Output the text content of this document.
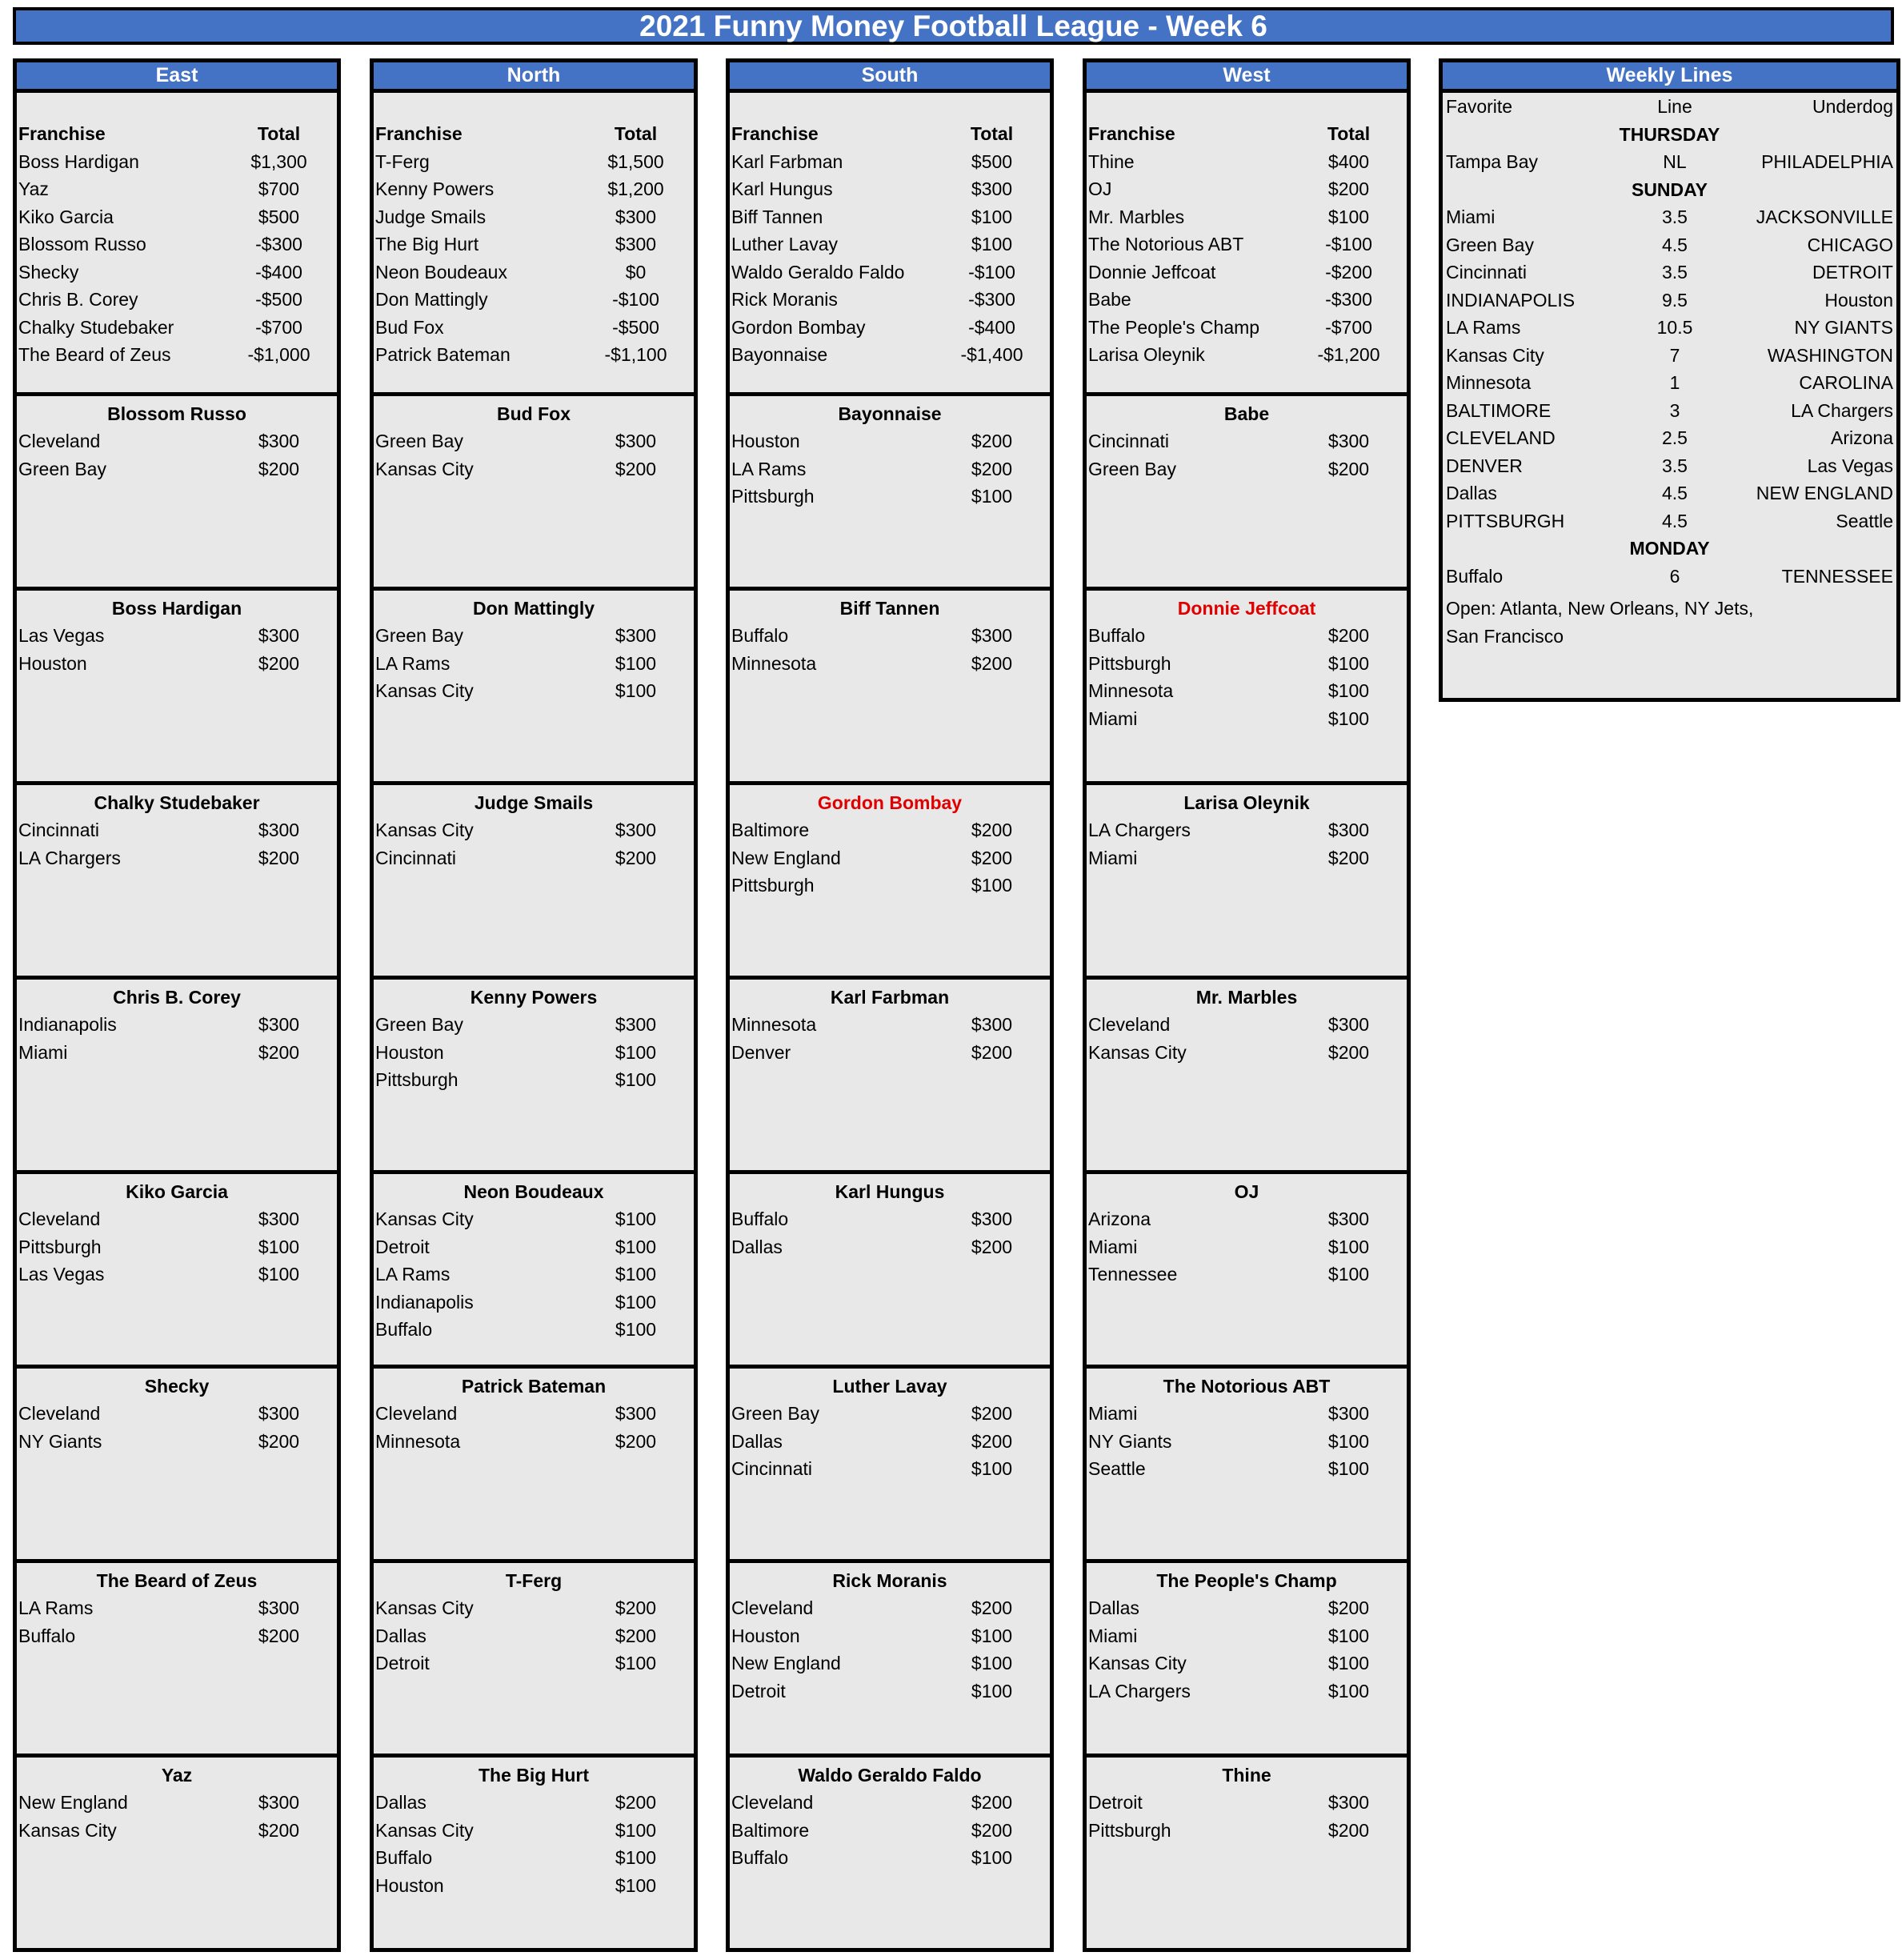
2021 Funny Money Football League - Week 6
East
Franchise	Total
Boss Hardigan	$1,300
Yaz	$700
Kiko Garcia	$500
Blossom Russo	-$300
Shecky	-$400
Chris B. Corey	-$500
Chalky Studebaker	-$700
The Beard of Zeus	-$1,000
Blossom Russo
Cleveland	$300
Green Bay	$200
Boss Hardigan
Las Vegas	$300
Houston	$200
Chalky Studebaker
Cincinnati	$300
LA Chargers	$200
Chris B. Corey
Indianapolis	$300
Miami	$200
Kiko Garcia
Cleveland	$300
Pittsburgh	$100
Las Vegas	$100
Shecky
Cleveland	$300
NY Giants	$200
The Beard of Zeus
LA Rams	$300
Buffalo	$200
Yaz
New England	$300
Kansas City	$200
North
Franchise	Total
T-Ferg	$1,500
Kenny Powers	$1,200
Judge Smails	$300
The Big Hurt	$300
Neon Boudeaux	$0
Don Mattingly	-$100
Bud Fox	-$500
Patrick Bateman	-$1,100
Bud Fox
Green Bay	$300
Kansas City	$200
Don Mattingly
Green Bay	$300
LA Rams	$100
Kansas City	$100
Judge Smails
Kansas City	$300
Cincinnati	$200
Kenny Powers
Green Bay	$300
Houston	$100
Pittsburgh	$100
Neon Boudeaux
Kansas City	$100
Detroit	$100
LA Rams	$100
Indianapolis	$100
Buffalo	$100
Patrick Bateman
Cleveland	$300
Minnesota	$200
T-Ferg
Kansas City	$200
Dallas	$200
Detroit	$100
The Big Hurt
Dallas	$200
Kansas City	$100
Buffalo	$100
Houston	$100
South
Franchise	Total
Karl Farbman	$500
Karl Hungus	$300
Biff Tannen	$100
Luther Lavay	$100
Waldo Geraldo Faldo	-$100
Rick Moranis	-$300
Gordon Bombay	-$400
Bayonnaise	-$1,400
Bayonnaise
Houston	$200
LA Rams	$200
Pittsburgh	$100
Biff Tannen
Buffalo	$300
Minnesota	$200
Gordon Bombay
Baltimore	$200
New England	$200
Pittsburgh	$100
Karl Farbman
Minnesota	$300
Denver	$200
Karl Hungus
Buffalo	$300
Dallas	$200
Luther Lavay
Green Bay	$200
Dallas	$200
Cincinnati	$100
Rick Moranis
Cleveland	$200
Houston	$100
New England	$100
Detroit	$100
Waldo Geraldo Faldo
Cleveland	$200
Baltimore	$200
Buffalo	$100
West
Franchise	Total
Thine	$400
OJ	$200
Mr. Marbles	$100
The Notorious ABT	-$100
Donnie Jeffcoat	-$200
Babe	-$300
The People's Champ	-$700
Larisa Oleynik	-$1,200
Babe
Cincinnati	$300
Green Bay	$200
Donnie Jeffcoat
Buffalo	$200
Pittsburgh	$100
Minnesota	$100
Miami	$100
Larisa Oleynik
LA Chargers	$300
Miami	$200
Mr. Marbles
Cleveland	$300
Kansas City	$200
OJ
Arizona	$300
Miami	$100
Tennessee	$100
The Notorious ABT
Miami	$300
NY Giants	$100
Seattle	$100
The People's Champ
Dallas	$200
Miami	$100
Kansas City	$100
LA Chargers	$100
Thine
Detroit	$300
Pittsburgh	$200
Weekly Lines
Favorite	Line	Underdog
THURSDAY
Tampa Bay	NL	PHILADELPHIA
SUNDAY
Miami	3.5	JACKSONVILLE
Green Bay	4.5	CHICAGO
Cincinnati	3.5	DETROIT
INDIANAPOLIS	9.5	Houston
LA Rams	10.5	NY GIANTS
Kansas City	7	WASHINGTON
Minnesota	1	CAROLINA
BALTIMORE	3	LA Chargers
CLEVELAND	2.5	Arizona
DENVER	3.5	Las Vegas
Dallas	4.5	NEW ENGLAND
PITTSBURGH	4.5	Seattle
MONDAY
Buffalo	6	TENNESSEE
Open: Atlanta, New Orleans, NY Jets,
San Francisco
